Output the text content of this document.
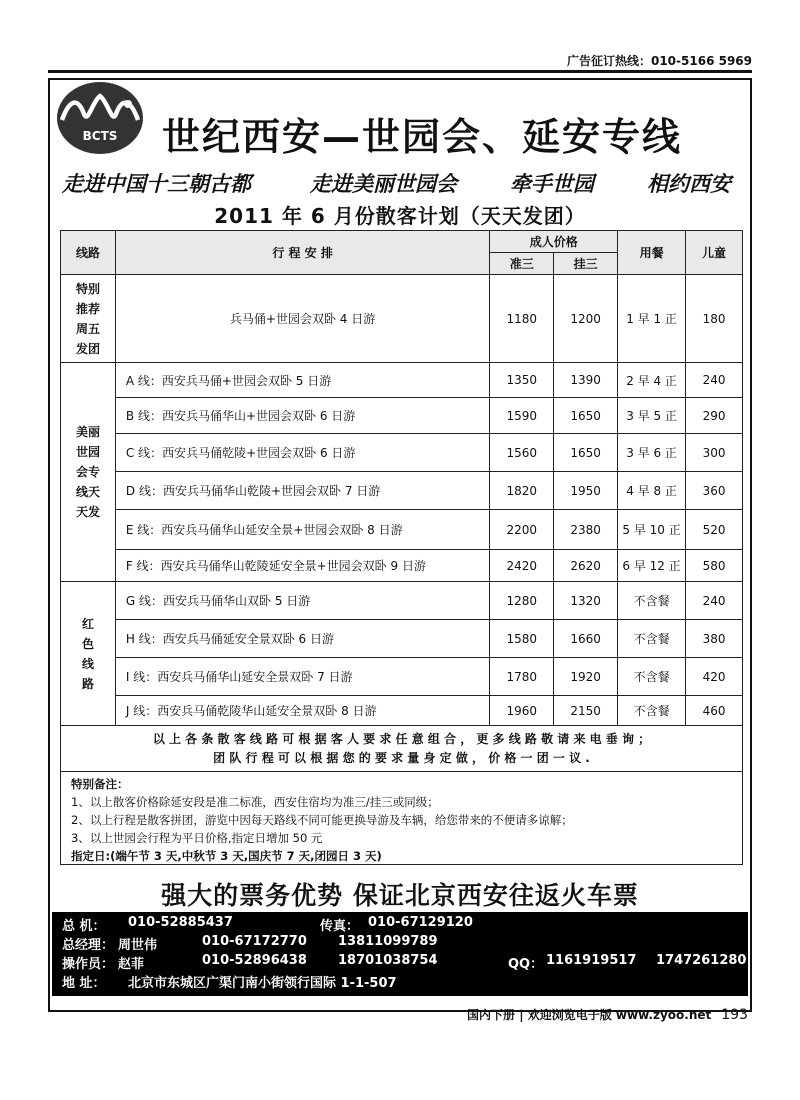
广告征订热线：010-5166 5969
BCTS 世纪西安—世园会、延安专线
走进中国十三朝古都	走进美丽世园会	牵手世园	相约西安
2011 年 6 月份散客计划（天天发团）
线路	行 程 安 排	成人价格		用餐	儿童
		准三	挂三		

特别
推荐
周五
发团	兵马俑+世园会双卧 4 日游	1180	1200	1 早 1 正	180

美丽
世园
会专
线天
天发	A 线：西安兵马俑+世园会双卧 5 日游	1350	1390	2 早 4 正	240
	B 线：西安兵马俑华山+世园会双卧 6 日游	1590	1650	3 早 5 正	290
	C 线：西安兵马俑乾陵+世园会双卧 6 日游	1560	1650	3 早 6 正	300
	D 线：西安兵马俑华山乾陵+世园会双卧 7 日游	1820	1950	4 早 8 正	360
	E 线：西安兵马俑华山延安全景+世园会双卧 8 日游	2200	2380	5 早 10 正	520
	F 线：西安兵马俑华山乾陵延安全景+世园会双卧 9 日游	2420	2620	6 早 12 正	580

红
色
线
路	G 线：西安兵马俑华山双卧 5 日游	1280	1320	不含餐	240
	H 线：西安兵马俑延安全景双卧 6 日游	1580	1660	不含餐	380
	I 线：西安兵马俑华山延安全景双卧 7 日游	1780	1920	不含餐	420
	J 线：西安兵马俑乾陵华山延安全景双卧 8 日游	1960	2150	不含餐	460

以 上 各 条 散 客 线 路 可 根 据 客 人 要 求 任 意 组 合 ， 更 多 线 路 敬 请 来 电 垂 询 ；
团 队 行 程 可 以 根 据 您 的 要 求 量 身 定 做 ， 价 格 一 团 一 议 .					
特别备注：
1、以上散客价格除延安段是准二标准，西安住宿均为准三/挂三或同级；
2、以上行程是散客拼团，游览中因每天路线不同可能更换导游及车辆，给您带来的不便请多谅解；
3、以上世园会行程为平日价格,指定日增加 50 元
指定日:(端午节 3 天,中秋节 3 天,国庆节 7 天,闭园日 3 天)
强大的票务优势 保证北京西安往返火车票
总 机： 010-52885437	传真： 010-67129120
总经理： 周世伟	010-67172770 13811099789
操作员： 赵菲	010-52896438 18701038754	QQ： 1161919517 1747261280
地 址： 北京市东城区广渠门南小街领行国际 1-1-507
国内下册 | 欢迎浏览电子版 www.zyoo.net 193
